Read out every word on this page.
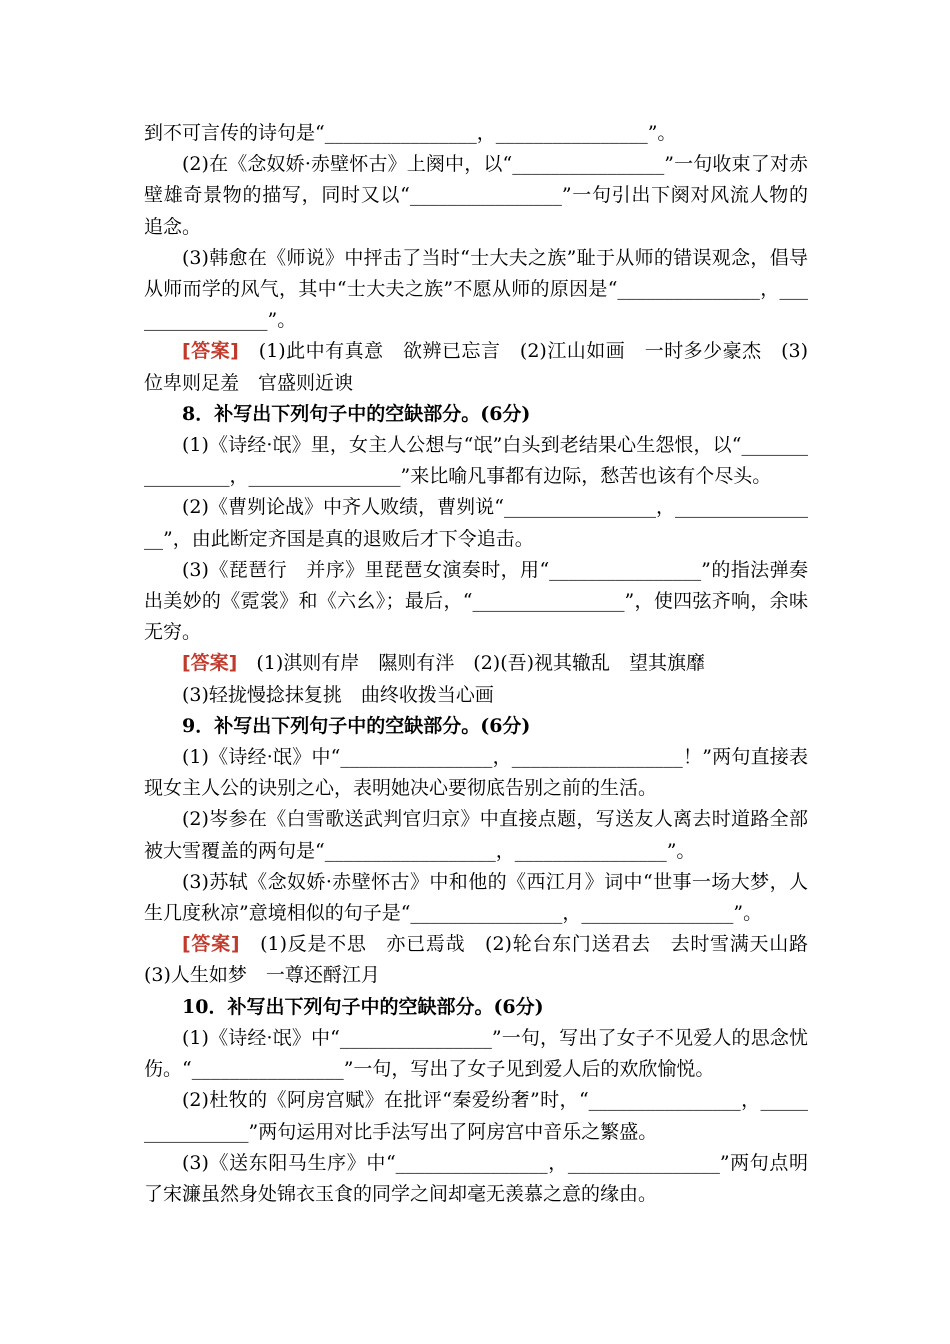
到不可言传的诗句是“________________，________________”。
(2)在《念奴娇·赤壁怀古》上阕中，以“________________”一句收束了对赤壁雄奇景物的描写，同时又以“________________”一句引出下阕对风流人物的追念。
(3)韩愈在《师说》中抨击了当时“士大夫之族”耻于从师的错误观念，倡导从师而学的风气，其中“士大夫之族”不愿从师的原因是“_______________，________________”。
[答案]　 (1)此中有真意　欲辨已忘言　(2)江山如画　一时多少豪杰　(3)位卑则足羞　官盛则近谀
8．补写出下列句子中的空缺部分。(6分)
(1)《诗经·氓》里，女主人公想与“氓”白头到老结果心生怨恨，以“________________，________________”来比喻凡事都有边际，愁苦也该有个尽头。
(2)《曹刿论战》中齐人败绩，曹刿说“________________，________________”，由此断定齐国是真的退败后才下令追击。
(3)《琵琶行　并序》里琵琶女演奏时，用“________________”的指法弹奏出美妙的《霓裳》和《六幺》；最后，“________________”，使四弦齐响，余味无穷。
[答案]　 (1)淇则有岸　隰则有泮　(2)(吾)视其辙乱　望其旗靡
(3)轻拢慢捻抹复挑　曲终收拨当心画
9．补写出下列句子中的空缺部分。(6分)
(1)《诗经·氓》中“________________，__________________！”两句直接表现女主人公的诀别之心，表明她决心要彻底告别之前的生活。
(2)岑参在《白雪歌送武判官归京》中直接点题，写送友人离去时道路全部被大雪覆盖的两句是“__________________，________________”。
(3)苏轼《念奴娇·赤壁怀古》中和他的《西江月》词中“世事一场大梦，人生几度秋凉”意境相似的句子是“________________，________________”。
[答案]　 (1)反是不思　亦已焉哉　(2)轮台东门送君去　去时雪满天山路　(3)人生如梦　一尊还酹江月
10．补写出下列句子中的空缺部分。(6分)
(1)《诗经·氓》中“________________”一句，写出了女子不见爱人的思念忧伤。“________________”一句，写出了女子见到爱人后的欢欣愉悦。
(2)杜牧的《阿房宫赋》在批评“秦爱纷奢”时，“________________，________________”两句运用对比手法写出了阿房宫中音乐之繁盛。
(3)《送东阳马生序》中“________________，________________”两句点明了宋濂虽然身处锦衣玉食的同学之间却毫无羡慕之意的缘由。
